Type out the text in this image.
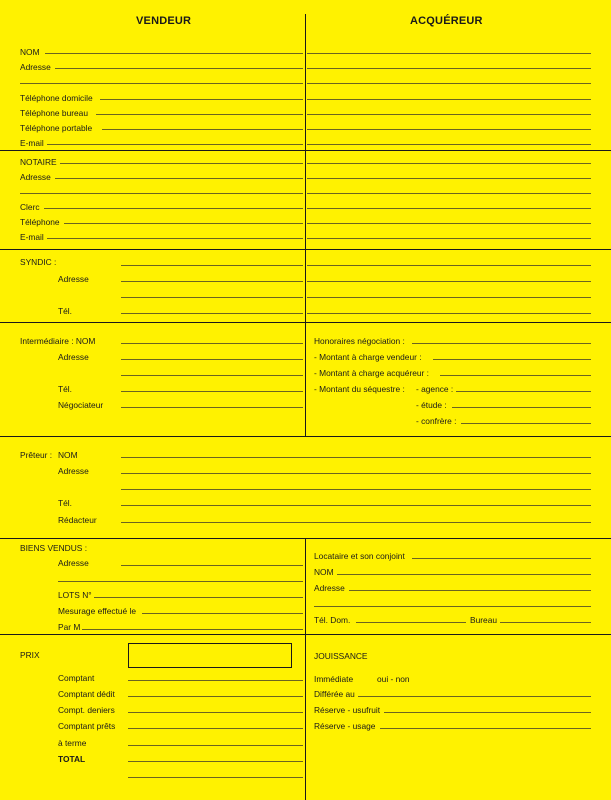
VENDEUR	ACQUÉREUR
NOM
Adresse
Téléphone domicile
Téléphone bureau
Téléphone portable
E-mail
NOTAIRE
Adresse
Clerc
Téléphone
E-mail
SYNDIC :
Adresse
Tél.
Intermédiaire : NOM
Adresse
Tél.
Négociateur
Honoraires négociation :
- Montant à charge vendeur :
- Montant à charge acquéreur :
- Montant du séquestre : - agence :
- étude :
- confrère :
Prêteur : NOM
Adresse
Tél.
Rédacteur
BIENS VENDUS :
Adresse
LOTS N°
Mesurage effectué le
Par M
Locataire et son conjoint
NOM
Adresse
Tél. Dom.	Bureau
PRIX
Comptant
Comptant dédit
Compt. deniers
Comptant prêts
à terme
TOTAL
JOUISSANCE
Immédiate	oui - non
Différée au
Réserve - usufruit
Réserve - usage
